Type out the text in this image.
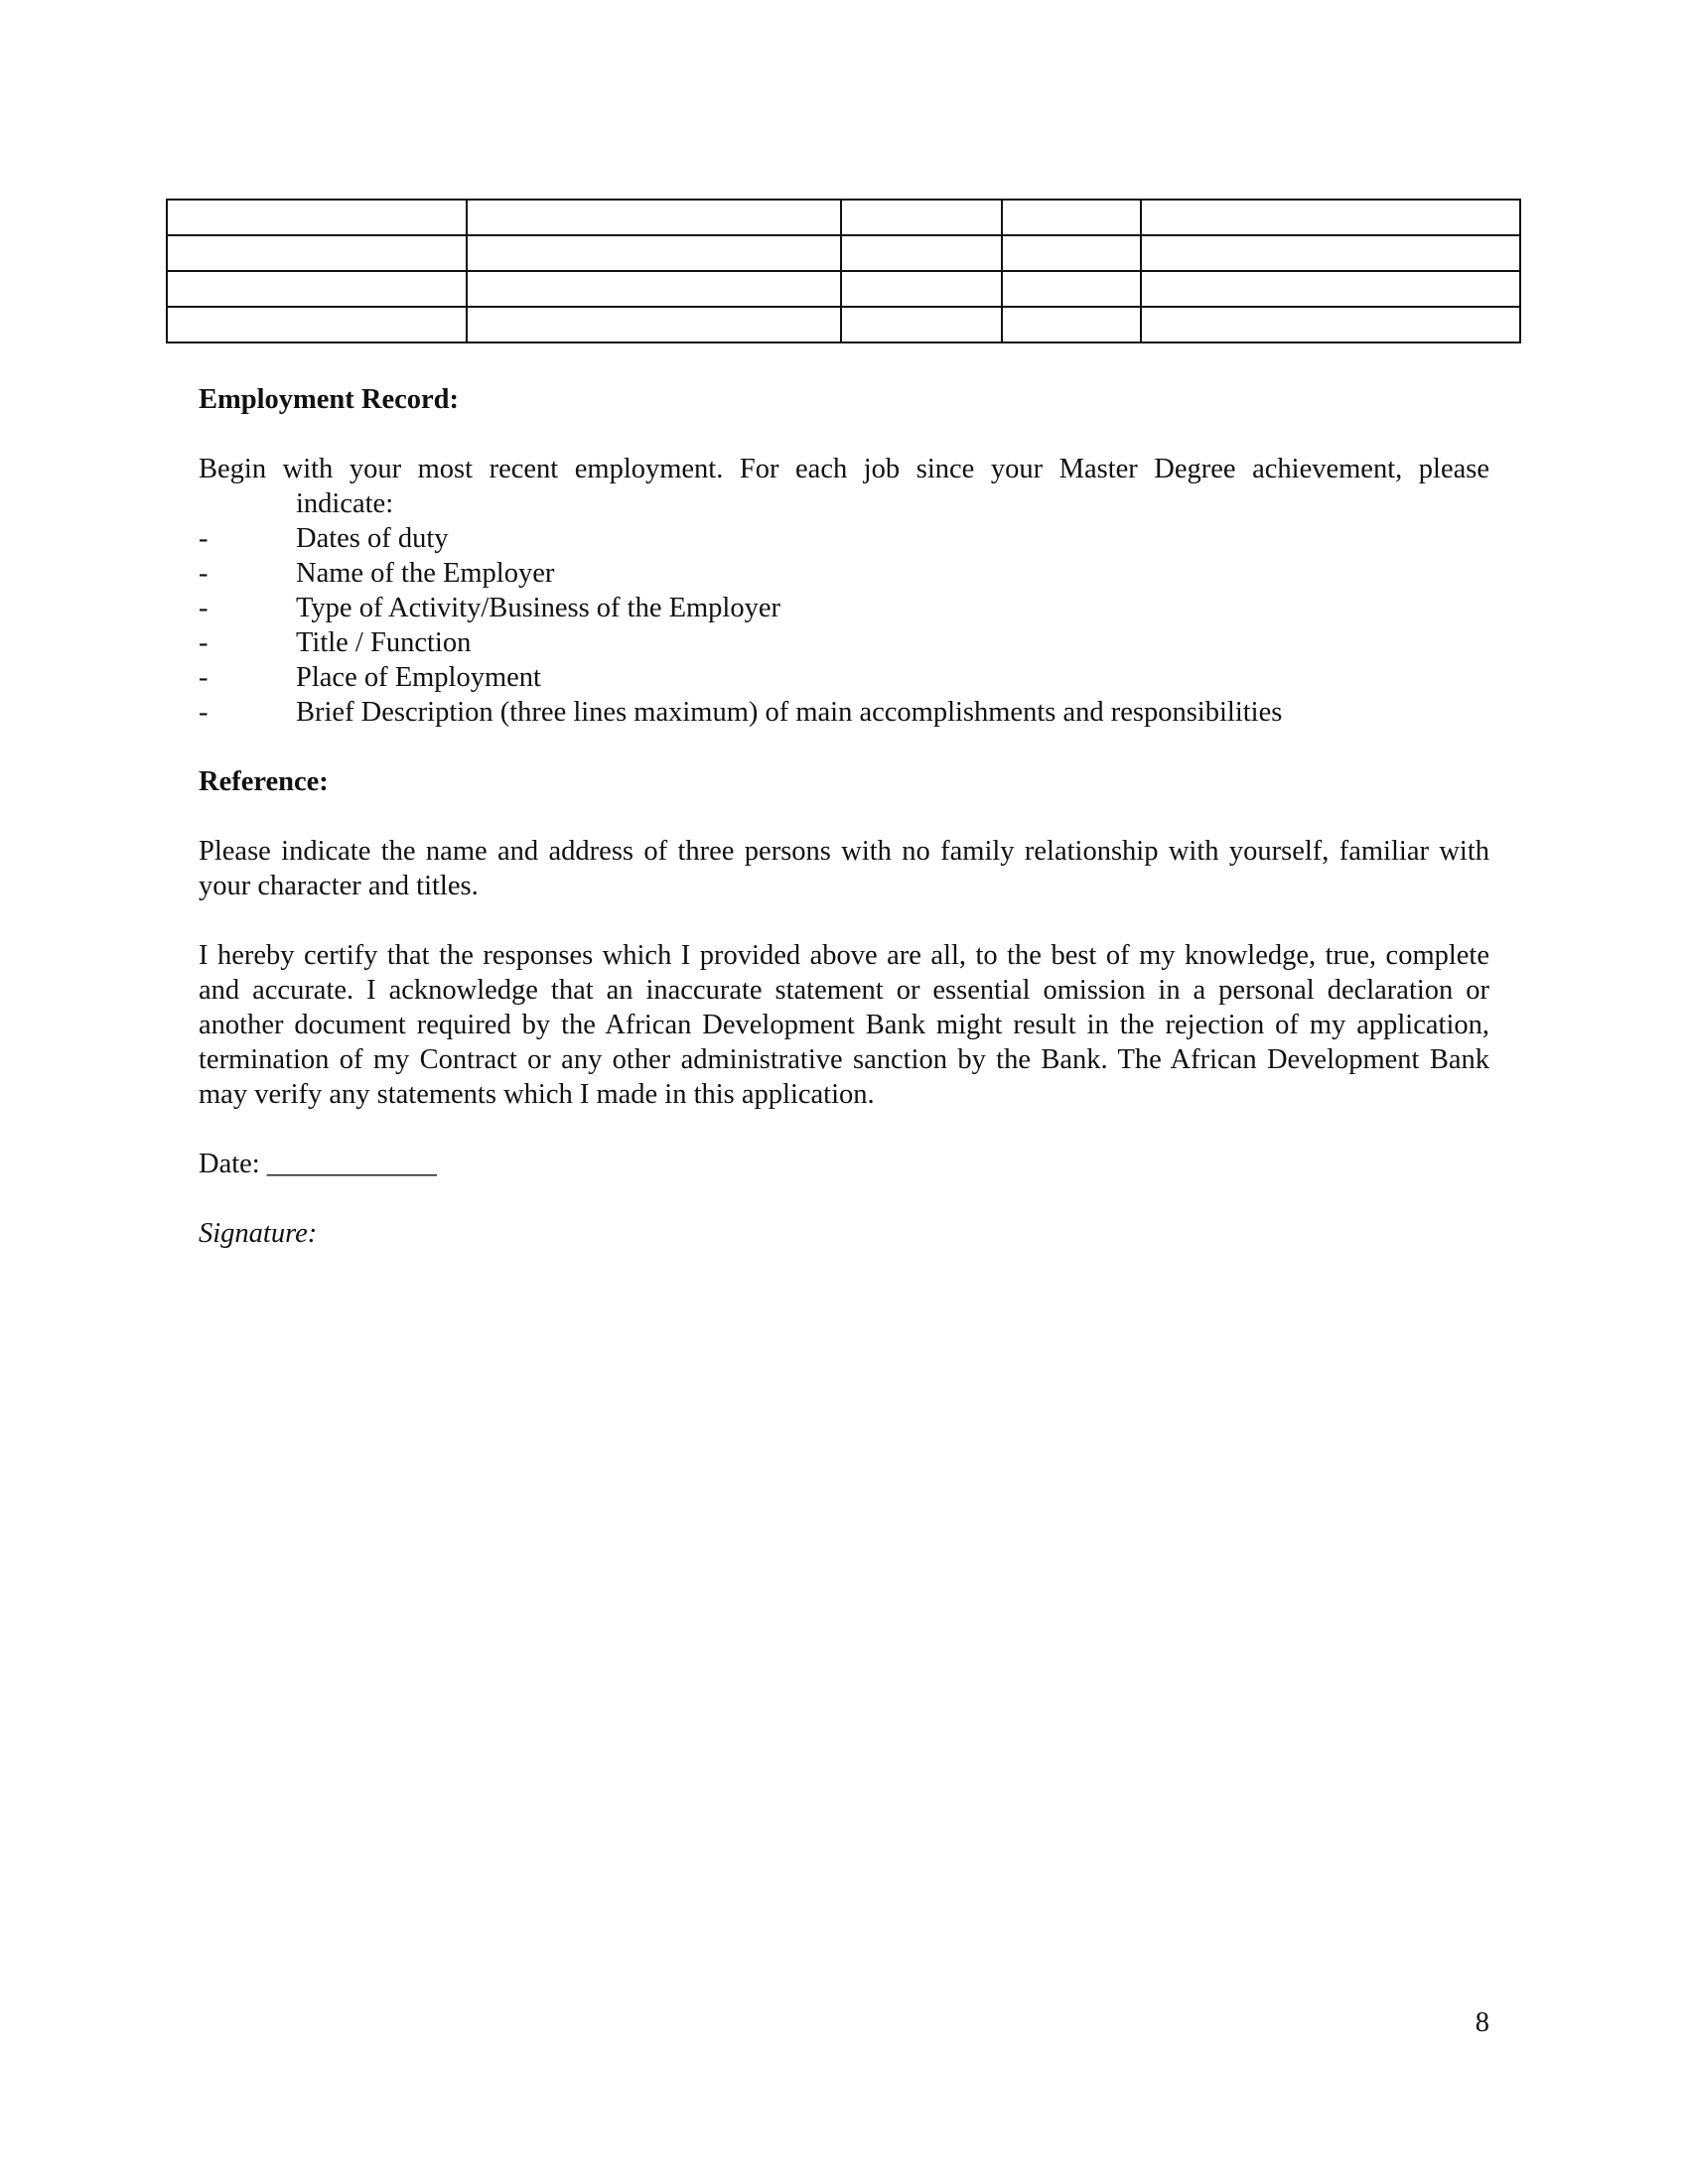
Employment Record:

Begin with your most recent employment. For each job since your Master Degree achievement, please

indicate:

-	Dates of duty
-	Name of the Employer
-	Type of Activity/Business of the Employer
-	Title / Function
-	Place of Employment
-	Brief Description (three lines maximum) of main accomplishments and responsibilities

Reference:

Please indicate the name and address of three persons with no family relationship with yourself, familiar with your character and titles.

I hereby certify that the responses which I provided above are all, to the best of my knowledge, true, complete and accurate. I acknowledge that an inaccurate statement or essential omission in a personal declaration or another document required by the African Development Bank might result in the rejection of my application, termination of my Contract or any other administrative sanction by the Bank. The African Development Bank may verify any statements which I made in this application.

Date: ____________

Signature:

8
